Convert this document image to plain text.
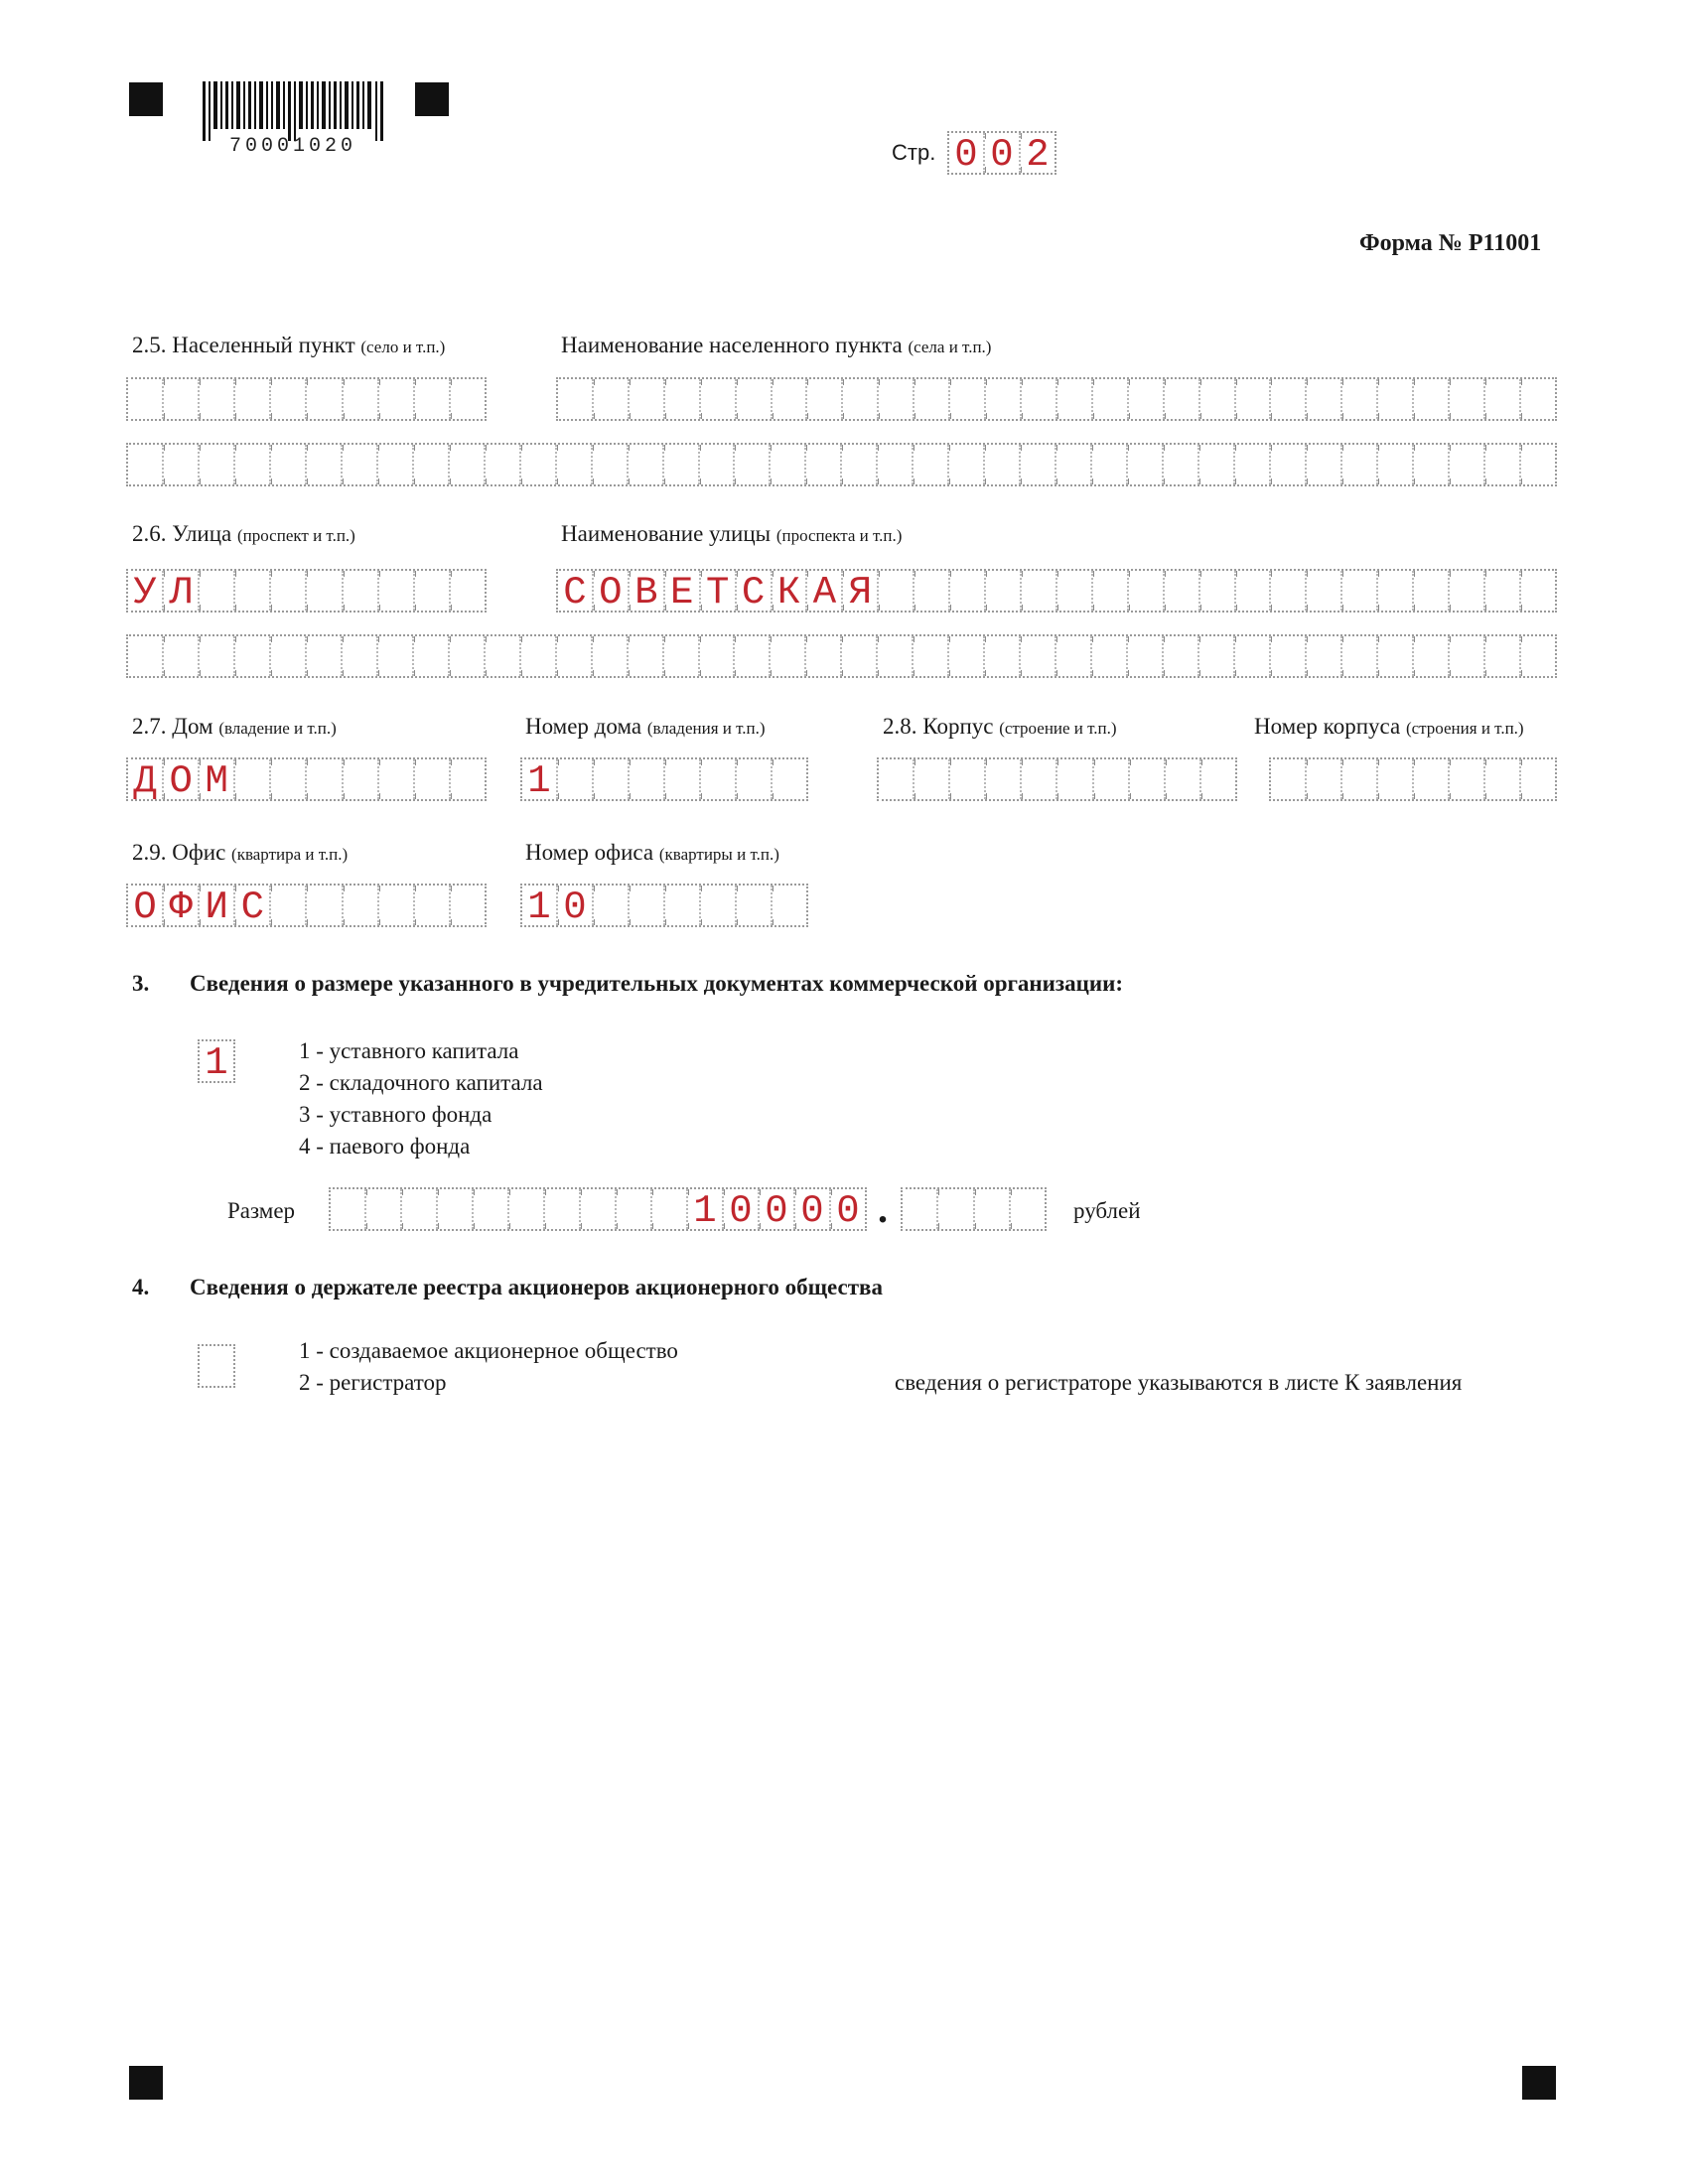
70001020	Стр. 0 0 2
Форма № Р11001
2.5. Населенный пункт (село и т.п.)	Наименование населенного пункта (села и т.п.)
2.6. Улица (проспект и т.п.)	Наименование улицы (проспекта и т.п.)
У Л	С О В Е Т С К А Я
2.7. Дом (владение и т.п.)	Номер дома (владения и т.п.)	2.8. Корпус (строение и т.п.)	Номер корпуса (строения и т.п.)
Д О М	1
2.9. Офис (квартира и т.п.)	Номер офиса (квартиры и т.п.)
О Ф И С	1 0
3. Сведения о размере указанного в учредительных документах коммерческой организации:
1	1 - уставного капитала
2 - складочного капитала
3 - уставного фонда
4 - паевого фонда
Размер	1 0 0 0 0 .	рублей
4. Сведения о держателе реестра акционеров акционерного общества
1 - создаваемое акционерное общество
2 - регистратор	сведения о регистраторе указываются в листе К заявления
